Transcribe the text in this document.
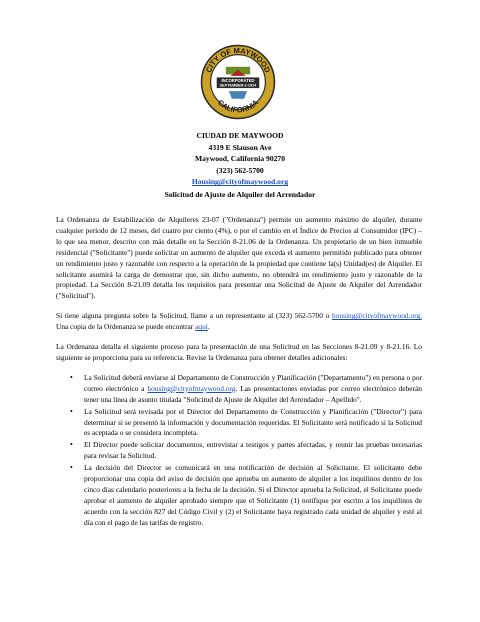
CITY OF MAYWOOD
CALIFORNIA
INCORPORATED
SEPTEMBER-2-1924
CIUDAD DE MAYWOOD
4319 E Slauson Ave
Maywood, California 90270
(323) 562-5700
Housing@cityofmaywood.org
Solicitud de Ajuste de Alquiler del Arrendador

La Ordenanza de Estabilización de Alquileres 23-07 ("Ordenanza") permite un aumento máximo de alquiler, durante cualquier período de 12 meses, del cuatro por ciento (4%), o por el cambio en el Índice de Precios al Consumidor (IPC) – lo que sea menor, descrito con más detalle en la Sección 8-21.06 de la Ordenanza. Un propietario de un bien inmueble residencial ("Solicitante") puede solicitar un aumento de alquiler que exceda el aumento permitido publicado para obtener un rendimiento justo y razonable con respecto a la operación de la propiedad que contiene la(s) Unidad(es) de Alquiler. El solicitante asumirá la carga de demostrar que, sin dicho aumento, no obtendrá un rendimiento justo y razonable de la propiedad. La Sección 8-21.09 detalla los requisitos para presentar una Solicitud de Ajuste de Alquiler del Arrendador ("Solicitud").

Si tiene alguna pregunta sobre la Solicitud, llame a un representante al (323) 562-5700 o housing@cityofmaywood.org. Una copia de la Ordenanza se puede encontrar aquí.

La Ordenanza detalla el siguiente proceso para la presentación de una Solicitud en las Secciones 8-21.09 y 8-21.16. Lo siguiente se proporciona para su referencia. Revise la Ordenanza para obtener detalles adicionales:

• La Solicitud deberá enviarse al Departamento de Construcción y Planificación ("Departamento") en persona o por correo electrónico a housing@cityofmaywood.org. Las presentaciones enviadas por correo electrónico deberán tener una línea de asunto titulada "Solicitud de Ajuste de Alquiler del Arrendador – Apellido".
• La Solicitud será revisada por el Director del Departamento de Construcción y Planificación ("Director") para determinar si se presentó la información y documentación requeridas. El Solicitante será notificado si la Solicitud es aceptada o se considera incompleta.
• El Director puede solicitar documentos, entrevistar a testigos y partes afectadas, y reunir las pruebas necesarias para revisar la Solicitud.
• La decisión del Director se comunicará en una notificación de decisión al Solicitante. El solicitante debe proporcionar una copia del aviso de decisión que aprueba un aumento de alquiler a los inquilinos dentro de los cinco días calendario posteriores a la fecha de la decisión. Si el Director aprueba la Solicitud, el Solicitante puede aprobar el aumento de alquiler aprobado siempre que el Solicitante (1) notifique por escrito a los inquilinos de acuerdo con la sección 827 del Código Civil y (2) el Solicitante haya registrado cada unidad de alquiler y esté al día con el pago de las tarifas de registro.
